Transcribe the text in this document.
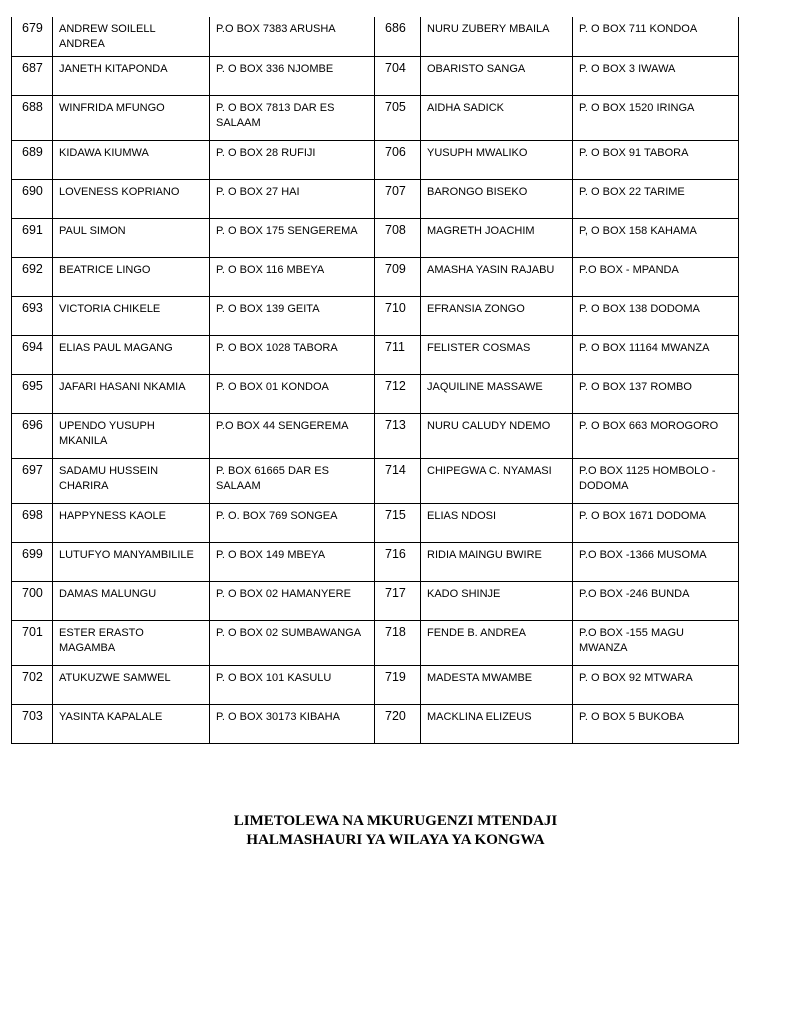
679	ANDREW SOILELL ANDREA	P.O BOX 7383 ARUSHA	686	NURU ZUBERY MBAILA	P. O BOX 711 KONDOA
687	JANETH KITAPONDA	P. O BOX 336 NJOMBE	704	OBARISTO SANGA	P. O BOX 3 IWAWA
688	WINFRIDA MFUNGO	P. O BOX 7813 DAR ES SALAAM	705	AIDHA SADICK	P. O BOX 1520 IRINGA
689	KIDAWA KIUMWA	P. O BOX 28 RUFIJI	706	YUSUPH MWALIKO	P. O BOX 91 TABORA
690	LOVENESS KOPRIANO	P. O BOX 27 HAI	707	BARONGO BISEKO	P. O BOX 22 TARIME
691	PAUL SIMON	P. O BOX 175 SENGEREMA	708	MAGRETH JOACHIM	P, O BOX 158 KAHAMA
692	BEATRICE LINGO	P. O BOX 116 MBEYA	709	AMASHA YASIN RAJABU	P.O BOX - MPANDA
693	VICTORIA CHIKELE	P. O BOX 139 GEITA	710	EFRANSIA ZONGO	P. O BOX 138 DODOMA
694	ELIAS PAUL MAGANG	P. O BOX 1028 TABORA	711	FELISTER COSMAS	P. O BOX 11164 MWANZA
695	JAFARI HASANI NKAMIA	P. O BOX 01 KONDOA	712	JAQUILINE MASSAWE	P. O BOX 137 ROMBO
696	UPENDO YUSUPH MKANILA	P.O BOX 44 SENGEREMA	713	NURU CALUDY NDEMO	P. O BOX 663 MOROGORO
697	SADAMU HUSSEIN CHARIRA	P. BOX 61665 DAR ES SALAAM	714	CHIPEGWA C. NYAMASI	P.O BOX 1125 HOMBOLO - DODOMA
698	HAPPYNESS KAOLE	P. O. BOX 769 SONGEA	715	ELIAS NDOSI	P. O BOX 1671 DODOMA
699	LUTUFYO MANYAMBILILE	P. O BOX 149 MBEYA	716	RIDIA MAINGU BWIRE	P.O BOX -1366 MUSOMA
700	DAMAS MALUNGU	P. O BOX 02 HAMANYERE	717	KADO SHINJE	P.O BOX -246 BUNDA
701	ESTER ERASTO MAGAMBA	P. O BOX 02 SUMBAWANGA	718	FENDE B. ANDREA	P.O BOX -155 MAGU MWANZA
702	ATUKUZWE SAMWEL	P. O BOX 101 KASULU	719	MADESTA MWAMBE	P. O BOX 92 MTWARA
703	YASINTA KAPALALE	P. O BOX 30173 KIBAHA	720	MACKLINA ELIZEUS	P. O BOX 5 BUKOBA
LIMETOLEWA NA MKURUGENZI MTENDAJI
HALMASHAURI YA WILAYA YA KONGWA
